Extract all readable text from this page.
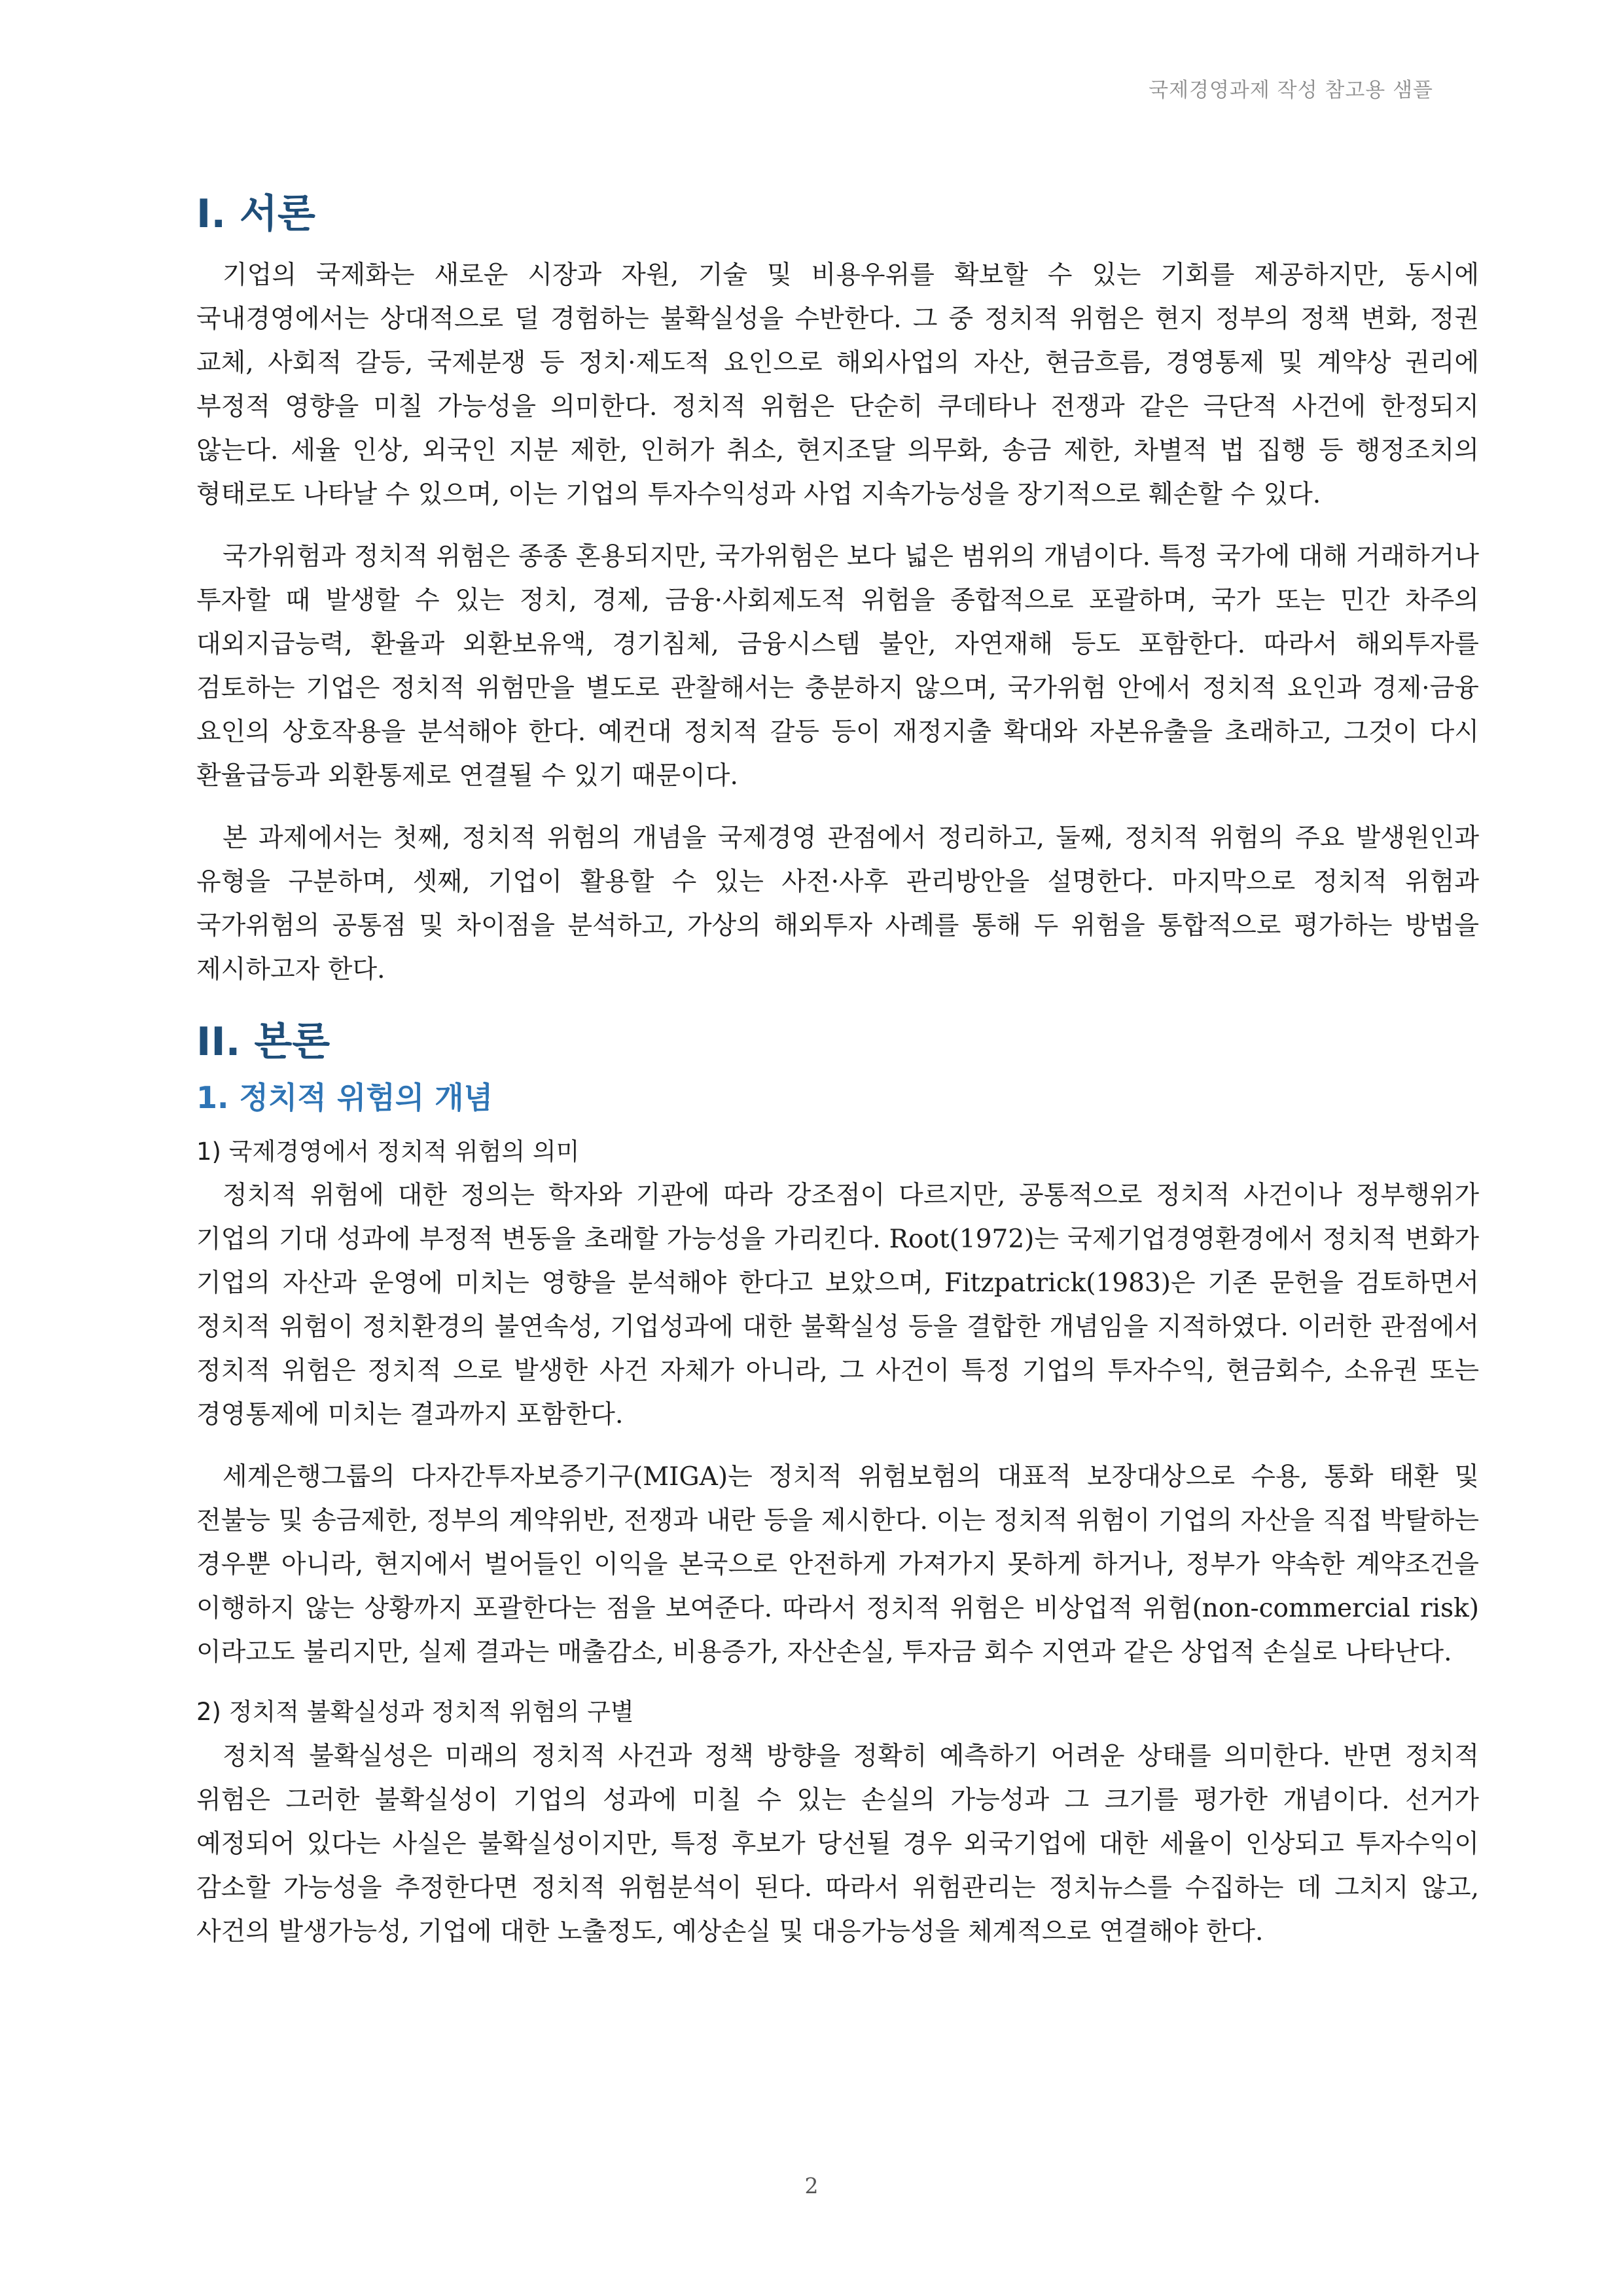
국제경영과제 작성 참고용 샘플
I. 서론

기업의 국제화는 새로운 시장과 자원, 기술 및 비용우위를 확보할 수 있는 기회를 제공하지만, 동시에 국내경영에서는 상대적으로 덜 경험하는 불확실성을 수반한다. 그 중 정치적 위험은 현지 정부의 정책 변화, 정권 교체, 사회적 갈등, 국제분쟁 등 정치·제도적 요인으로 해외사업의 자산, 현금흐름, 경영통제 및 계약상 권리에 부정적 영향을 미칠 가능성을 의미한다. 정치적 위험은 단순히 쿠데타나 전쟁과 같은 극단적 사건에 한정되지 않는다. 세율 인상, 외국인 지분 제한, 인허가 취소, 현지조달 의무화, 송금 제한, 차별적 법 집행 등 행정조치의 형태로도 나타날 수 있으며, 이는 기업의 투자수익성과 사업 지속가능성을 장기적으로 훼손할 수 있다.

국가위험과 정치적 위험은 종종 혼용되지만, 국가위험은 보다 넓은 범위의 개념이다. 특정 국가에 대해 거래하거나 투자할 때 발생할 수 있는 정치, 경제, 금융·사회제도적 위험을 종합적으로 포괄하며, 국가 또는 민간 차주의 대외지급능력, 환율과 외환보유액, 경기침체, 금융시스템 불안, 자연재해 등도 포함한다. 따라서 해외투자를 검토하는 기업은 정치적 위험만을 별도로 관찰해서는 충분하지 않으며, 국가위험 안에서 정치적 요인과 경제·금융 요인의 상호작용을 분석해야 한다. 예컨대 정치적 갈등 등이 재정지출 확대와 자본유출을 초래하고, 그것이 다시 환율급등과 외환통제로 연결될 수 있기 때문이다.

본 과제에서는 첫째, 정치적 위험의 개념을 국제경영 관점에서 정리하고, 둘째, 정치적 위험의 주요 발생원인과 유형을 구분하며, 셋째, 기업이 활용할 수 있는 사전·사후 관리방안을 설명한다. 마지막으로 정치적 위험과 국가위험의 공통점 및 차이점을 분석하고, 가상의 해외투자 사례를 통해 두 위험을 통합적으로 평가하는 방법을 제시하고자 한다.

II. 본론
1. 정치적 위험의 개념
1) 국제경영에서 정치적 위험의 의미

정치적 위험에 대한 정의는 학자와 기관에 따라 강조점이 다르지만, 공통적으로 정치적 사건이나 정부행위가 기업의 기대 성과에 부정적 변동을 초래할 가능성을 가리킨다. Root(1972)는 국제기업경영환경에서 정치적 변화가 기업의 자산과 운영에 미치는 영향을 분석해야 한다고 보았으며, Fitzpatrick(1983)은 기존 문헌을 검토하면서 정치적 위험이 정치환경의 불연속성, 기업성과에 대한 불확실성 등을 결합한 개념임을 지적하였다. 이러한 관점에서 정치적 위험은 정치적 으로 발생한 사건 자체가 아니라, 그 사건이 특정 기업의 투자수익, 현금회수, 소유권 또는 경영통제에 미치는 결과까지 포함한다.

세계은행그룹의 다자간투자보증기구(MIGA)는 정치적 위험보험의 대표적 보장대상으로 수용, 통화 태환 및 전불능 및 송금제한, 정부의 계약위반, 전쟁과 내란 등을 제시한다. 이는 정치적 위험이 기업의 자산을 직접 박탈하는 경우뿐 아니라, 현지에서 벌어들인 이익을 본국으로 안전하게 가져가지 못하게 하거나, 정부가 약속한 계약조건을 이행하지 않는 상황까지 포괄한다는 점을 보여준다. 따라서 정치적 위험은 비상업적 위험(non-commercial risk)이라고도 불리지만, 실제 결과는 매출감소, 비용증가, 자산손실, 투자금 회수 지연과 같은 상업적 손실로 나타난다.

2) 정치적 불확실성과 정치적 위험의 구별

정치적 불확실성은 미래의 정치적 사건과 정책 방향을 정확히 예측하기 어려운 상태를 의미한다. 반면 정치적 위험은 그러한 불확실성이 기업의 성과에 미칠 수 있는 손실의 가능성과 그 크기를 평가한 개념이다. 선거가 예정되어 있다는 사실은 불확실성이지만, 특정 후보가 당선될 경우 외국기업에 대한 세율이 인상되고 투자수익이 감소할 가능성을 추정한다면 정치적 위험분석이 된다. 따라서 위험관리는 정치뉴스를 수집하는 데 그치지 않고, 사건의 발생가능성, 기업에 대한 노출정도, 예상손실 및 대응가능성을 체계적으로 연결해야 한다.

2
